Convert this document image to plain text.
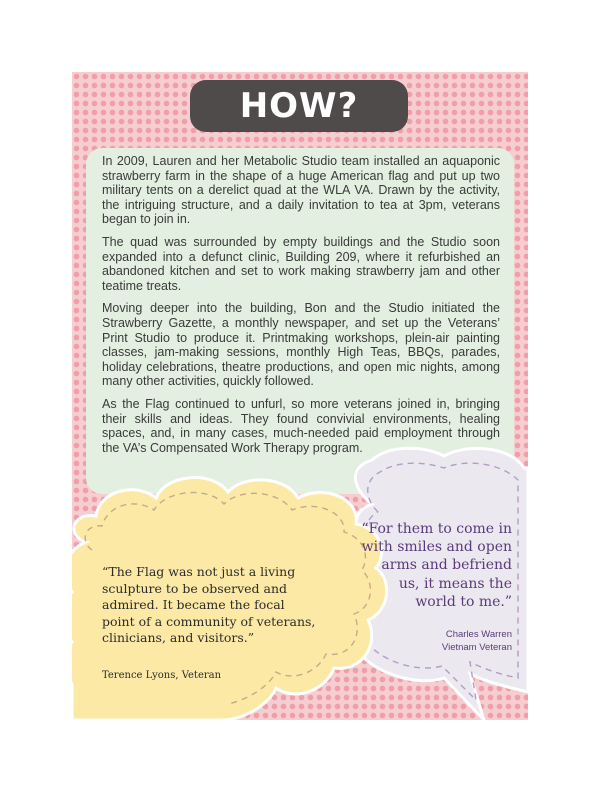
HOW?

In 2009, Lauren and her Metabolic Studio team installed an aquaponic strawberry farm in the shape of a huge American flag and put up two military tents on a derelict quad at the WLA VA. Drawn by the activity, the intriguing structure, and a daily invitation to tea at 3pm, veterans began to join in.

The quad was surrounded by empty buildings and the Studio soon expanded into a defunct clinic, Building 209, where it refurbished an abandoned kitchen and set to work making strawberry jam and other teatime treats.

Moving deeper into the building, Bon and the Studio initiated the Strawberry Gazette, a monthly newspaper, and set up the Veterans’ Print Studio to produce it. Printmaking workshops, plein-air painting classes, jam-making sessions, monthly High Teas, BBQs, parades, holiday celebrations, theatre productions, and open mic nights, among many other activities, quickly followed.

As the Flag continued to unfurl, so more veterans joined in, bringing their skills and ideas. They found convivial environments, healing spaces, and, in many cases, much-needed paid employment through the VA’s Compensated Work Therapy program.

“The Flag was not just a living sculpture to be observed and admired. It became the focal point of a community of veterans, clinicians, and visitors.”
Terence Lyons, Veteran
“For them to come in with smiles and open arms and befriend us, it means the world to me.”
Charles Warren
Vietnam Veteran
